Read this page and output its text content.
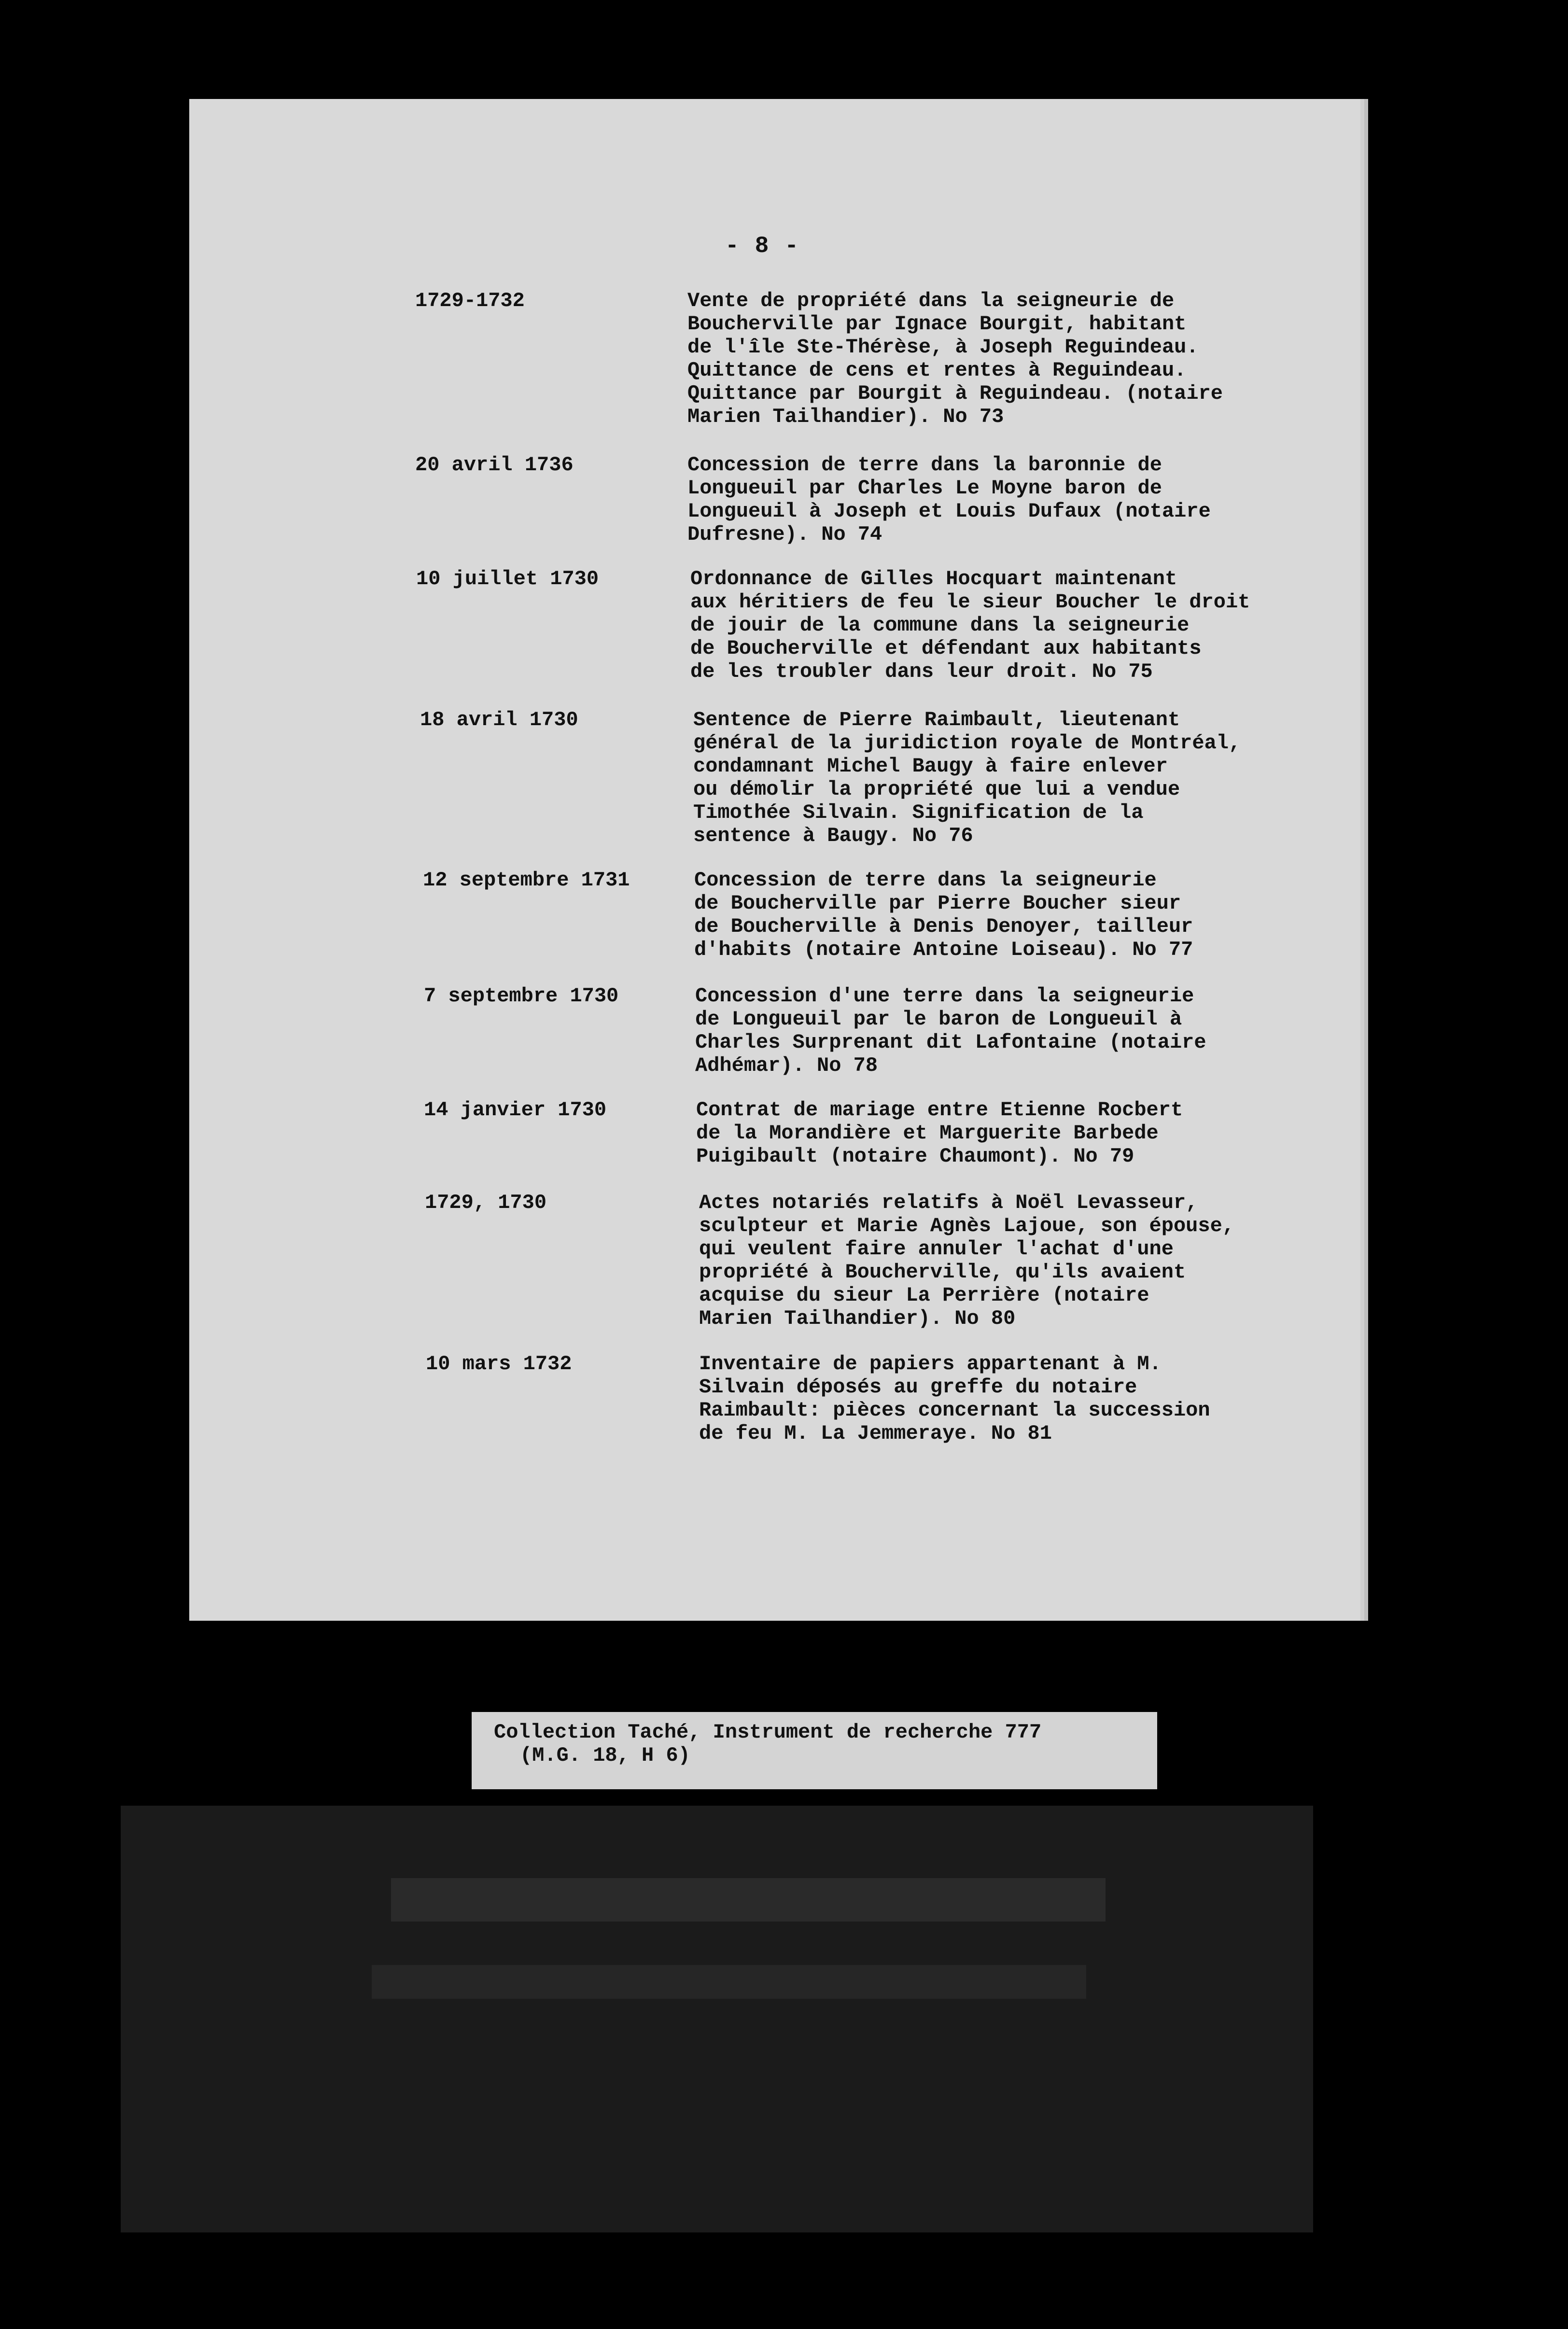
- 8 -
1729-1732	Vente de propriété dans la seigneurie de
Boucherville par Ignace Bourgit, habitant
de l'île Ste-Thérèse, à Joseph Reguindeau.
Quittance de cens et rentes à Reguindeau.
Quittance par Bourgit à Reguindeau. (notaire
Marien Tailhandier). No 73
20 avril 1736	Concession de terre dans la baronnie de
Longueuil par Charles Le Moyne baron de
Longueuil à Joseph et Louis Dufaux (notaire
Dufresne). No 74
10 juillet 1730	Ordonnance de Gilles Hocquart maintenant
aux héritiers de feu le sieur Boucher le droit
de jouir de la commune dans la seigneurie
de Boucherville et défendant aux habitants
de les troubler dans leur droit. No 75
18 avril 1730	Sentence de Pierre Raimbault, lieutenant
général de la juridiction royale de Montréal,
condamnant Michel Baugy à faire enlever
ou démolir la propriété que lui a vendue
Timothée Silvain. Signification de la
sentence à Baugy. No 76
12 septembre 1731	Concession de terre dans la seigneurie
de Boucherville par Pierre Boucher sieur
de Boucherville à Denis Denoyer, tailleur
d'habits (notaire Antoine Loiseau). No 77
7 septembre 1730	Concession d'une terre dans la seigneurie
de Longueuil par le baron de Longueuil à
Charles Surprenant dit Lafontaine (notaire
Adhémar). No 78
14 janvier 1730	Contrat de mariage entre Etienne Rocbert
de la Morandière et Marguerite Barbede
Puigibault (notaire Chaumont). No 79
1729, 1730	Actes notariés relatifs à Noël Levasseur,
sculpteur et Marie Agnès Lajoue, son épouse,
qui veulent faire annuler l'achat d'une
propriété à Boucherville, qu'ils avaient
acquise du sieur La Perrière (notaire
Marien Tailhandier). No 80
10 mars 1732	Inventaire de papiers appartenant à M.
Silvain déposés au greffe du notaire
Raimbault: pièces concernant la succession
de feu M. La Jemmeraye. No 81
Collection Taché, Instrument de recherche 777
(M.G. 18, H 6)
